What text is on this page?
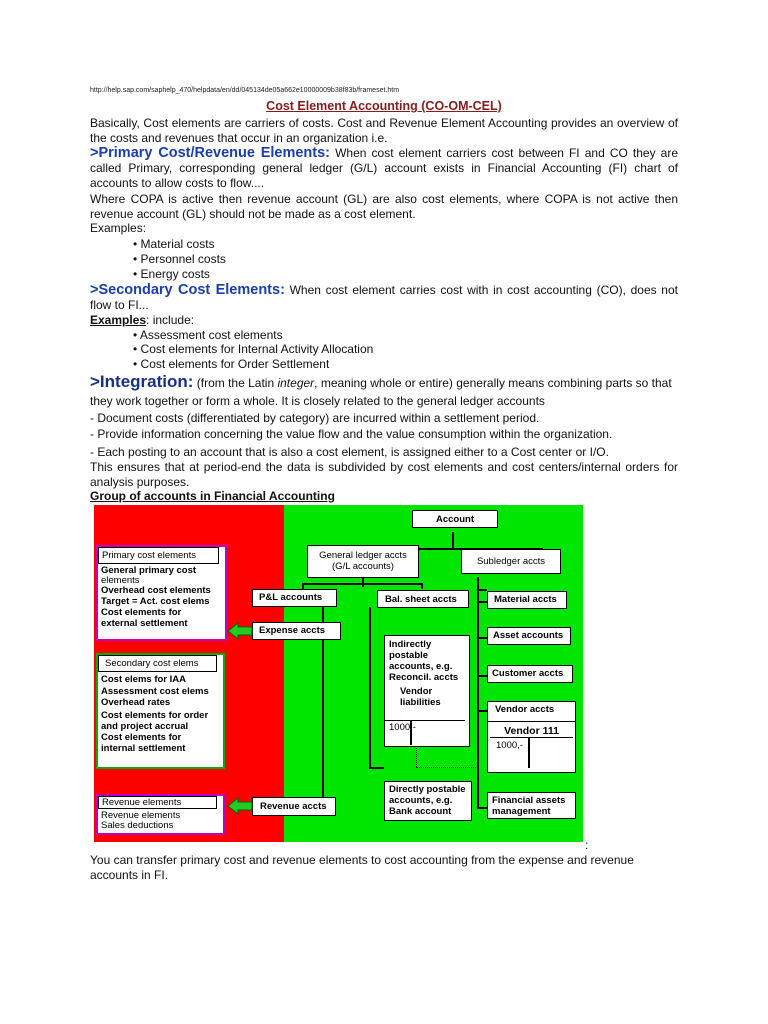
http://help.sap.com/saphelp_470/helpdata/en/dd/045134de05a662e10000009b38f83b/frameset.htm
Cost Element Accounting (CO-OM-CEL)
Basically, Cost elements are carriers of costs. Cost and Revenue Element Accounting provides an overview of the costs and revenues that occur in an organization i.e.
>Primary Cost/Revenue Elements: When cost element carriers cost between FI and CO they are called Primary, corresponding general ledger (G/L) account exists in Financial Accounting (FI) chart of accounts to allow costs to flow....
Where COPA is active then revenue account (GL) are also cost elements, where COPA is not active then revenue account (GL) should not be made as a cost element.
Examples:
• Material costs
• Personnel costs
• Energy costs
>Secondary Cost Elements: When cost element carries cost with in cost accounting (CO), does not flow to FI...
Examples: include:
• Assessment cost elements
• Cost elements for Internal Activity Allocation
• Cost elements for Order Settlement
>Integration: (from the Latin integer, meaning whole or entire) generally means combining parts so that they work together or form a whole. It is closely related to the general ledger accounts
- Document costs (differentiated by category) are incurred within a settlement period.
- Provide information concerning the value flow and the value consumption within the organization.
- Each posting to an account that is also a cost element, is assigned either to a Cost center or I/O.
This ensures that at period-end the data is subdivided by cost elements and cost centers/internal orders for analysis purposes.
Group of accounts in Financial Accounting
Account
General ledger accts
(G/L accounts)	Subledger accts
P&L accounts	Bal. sheet accts	Material accts
Asset accounts
Expense accts
Indirectly
postable
accounts, e.g.
Reconcil. accts
Vendor
liabilities
1000,-
Customer accts
Vendor accts
Vendor 111
1000,-
Directly postable
accounts, e.g.
Bank account
Financial assets
management
Revenue accts
Primary cost elements
General primary cost
elements
Overhead cost elements
Target = Act. cost elems
Cost elements for
external settlement
Secondary cost elems
Cost elems for IAA
Assessment cost elems
Overhead rates
Cost elements for order
and project accrual
Cost elements for
internal settlement
Revenue elements
Revenue elements
Sales deductions
:
You can transfer primary cost and revenue elements to cost accounting from the expense and revenue accounts in FI.
